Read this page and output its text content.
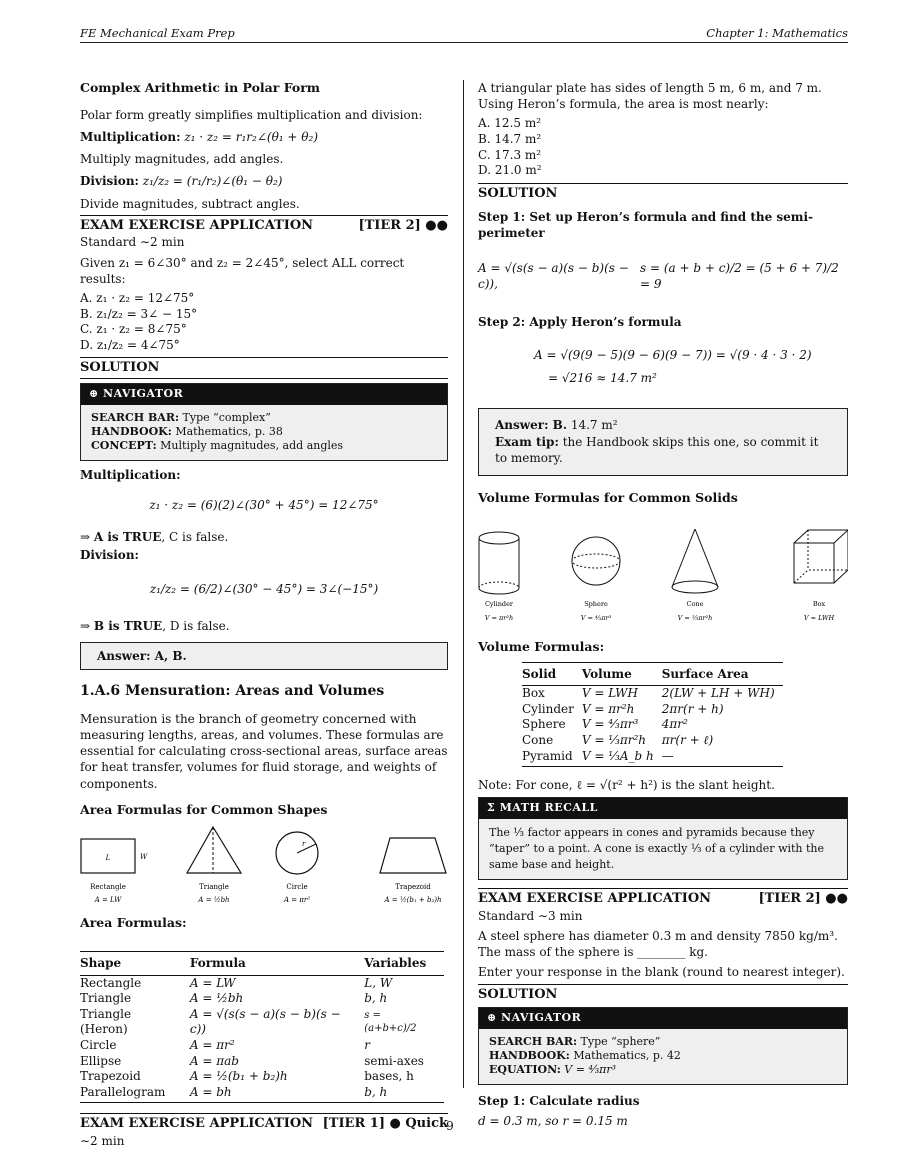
FE Mechanical Exam Prep	Chapter 1: Mathematics
Complex Arithmetic in Polar Form

Polar form greatly simplifies multiplication and division:

Multiplication: z₁ · z₂ = r₁r₂∠(θ₁ + θ₂)

Multiply magnitudes, add angles.

Division: z₁/z₂ = (r₁/r₂)∠(θ₁ − θ₂)

Divide magnitudes, subtract angles.

EXAM EXERCISE APPLICATION	[TIER 2] ●●

Standard ∼2 min

Given z₁ = 6∠30° and z₂ = 2∠45°, select ALL correct results:

A. z₁ · z₂ = 12∠75°
B. z₁/z₂ = 3∠ − 15°
C. z₁ · z₂ = 8∠75°
D. z₁/z₂ = 4∠75°
SOLUTION
⊕ NAVIGATOR
SEARCH BAR: Type “complex”
HANDBOOK: Mathematics, p. 38
CONCEPT: Multiply magnitudes, add angles
Multiplication:
z₁ · z₂ = (6)(2)∠(30° + 45°) = 12∠75°

⇒ A is TRUE, C is false.

Division:
z₁/z₂ = (6/2)∠(30° − 45°) = 3∠(−15°)

⇒ B is TRUE, D is false.

Answer: A, B.
1.A.6 Mensuration: Areas and Volumes

Mensuration is the branch of geometry concerned with measuring lengths, areas, and volumes. These formulas are essential for calculating cross-sectional areas, surface areas for heat transfer, volumes for fluid storage, and weights of components.

Area Formulas for Common Shapes
L	W
r
Rectangle
A = LW
Triangle
A = ½bh
Circle
A = πr²
Trapezoid
A = ½(b₁ + b₂)h
Area Formulas:
Shape	Formula	Variables
Rectangle	A = LW	L, W
Triangle	A = ½bh	b, h
Triangle (Heron)	A = √(s(s − a)(s − b)(s − c))	s = (a+b+c)/2
Circle	A = πr²	r
Ellipse	A = πab	semi-axes
Trapezoid	A = ½(b₁ + b₂)h	bases, h
Parallelogram	A = bh	b, h
EXAM EXERCISE APPLICATION [TIER 1] ● Quick

∼2 min

A triangular plate has sides of length 5 m, 6 m, and 7 m. Using Heron’s formula, the area is most nearly:

A. 12.5 m²
B. 14.7 m²
C. 17.3 m²
D. 21.0 m²
SOLUTION
Step 1: Set up Heron’s formula and find the semi-perimeter
A = √(s(s − a)(s − b)(s − c)),
s = (a + b + c)/2 = (5 + 6 + 7)/2 = 9
Step 2: Apply Heron’s formula
A = √(9(9 − 5)(9 − 6)(9 − 7)) = √(9 · 4 · 3 · 2)
= √216 ≈ 14.7 m²
Answer: B. 14.7 m²
Exam tip: the Handbook skips this one, so commit it to memory.
Volume Formulas for Common Solids
Cylinder
V = πr²h
Sphere
V = ⁴⁄₃πr³
Cone
V = ⅓πr²h
Box
V = LWH
Volume Formulas:
Solid	Volume	Surface Area
Box	V = LWH	2(LW + LH + WH)
Cylinder	V = πr²h	2πr(r + h)
Sphere	V = ⁴⁄₃πr³	4πr²
Cone	V = ⅓πr²h	πr(r + ℓ)
Pyramid	V = ⅓A_b h	—

Note: For cone, ℓ = √(r² + h²) is the slant height.

Σ MATH RECALL
The ⅓ factor appears in cones and pyramids because they “taper” to a point. A cone is exactly ⅓ of a cylinder with the same base and height.
EXAM EXERCISE APPLICATION	[TIER 2] ●●

Standard ∼3 min

A steel sphere has diameter 0.3 m and density 7850 kg/m³. The mass of the sphere is ________ kg.

Enter your response in the blank (round to nearest integer).

SOLUTION
⊕ NAVIGATOR
SEARCH BAR: Type “sphere”
HANDBOOK: Mathematics, p. 42
EQUATION: V = ⁴⁄₃πr³
Step 1: Calculate radius

d = 0.3 m, so r = 0.15 m

9
